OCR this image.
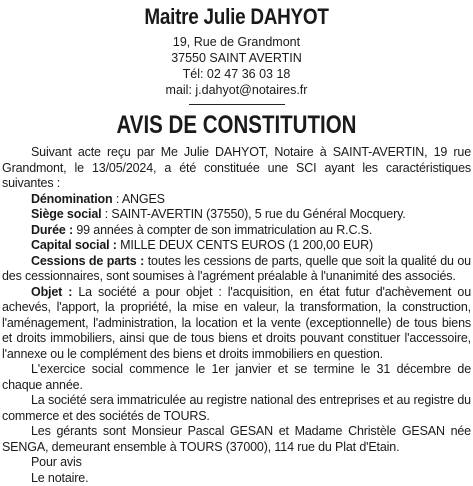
Maitre Julie DAHYOT
19, Rue de Grandmont
37550 SAINT AVERTIN
Tél: 02 47 36 03 18
mail: j.dahyot@notaires.fr
AVIS DE CONSTITUTION

Suivant acte reçu par Me Julie DAHYOT, Notaire à SAINT-AVERTIN, 19 rue Grandmont, le 13/05/2024, a été constituée une SCI ayant les caractéristiques suivantes :

Dénomination : ANGES

Siège social : SAINT-AVERTIN (37550), 5 rue du Général Mocquery.

Durée : 99 années à compter de son immatriculation au R.C.S.

Capital social : MILLE DEUX CENTS EUROS (1 200,00 EUR)

Cessions de parts : toutes les cessions de parts, quelle que soit la qualité du ou des cessionnaires, sont soumises à l'agrément préalable à l'unanimité des associés.

Objet : La société a pour objet : l'acquisition, en état futur d'achèvement ou achevés, l'apport, la propriété, la mise en valeur, la transformation, la construction, l'aménagement, l'administration, la location et la vente (exceptionnelle) de tous biens et droits immobiliers, ainsi que de tous biens et droits pouvant constituer l'accessoire, l'annexe ou le complément des biens et droits immobiliers en question.

L'exercice social commence le 1er janvier et se termine le 31 décembre de chaque année.

La société sera immatriculée au registre national des entreprises et au registre du commerce et des sociétés de TOURS.

Les gérants sont Monsieur Pascal GESAN et Madame Christèle GESAN née SENGA, demeurant ensemble à TOURS (37000), 114 rue du Plat d'Etain.

Pour avis

Le notaire.
